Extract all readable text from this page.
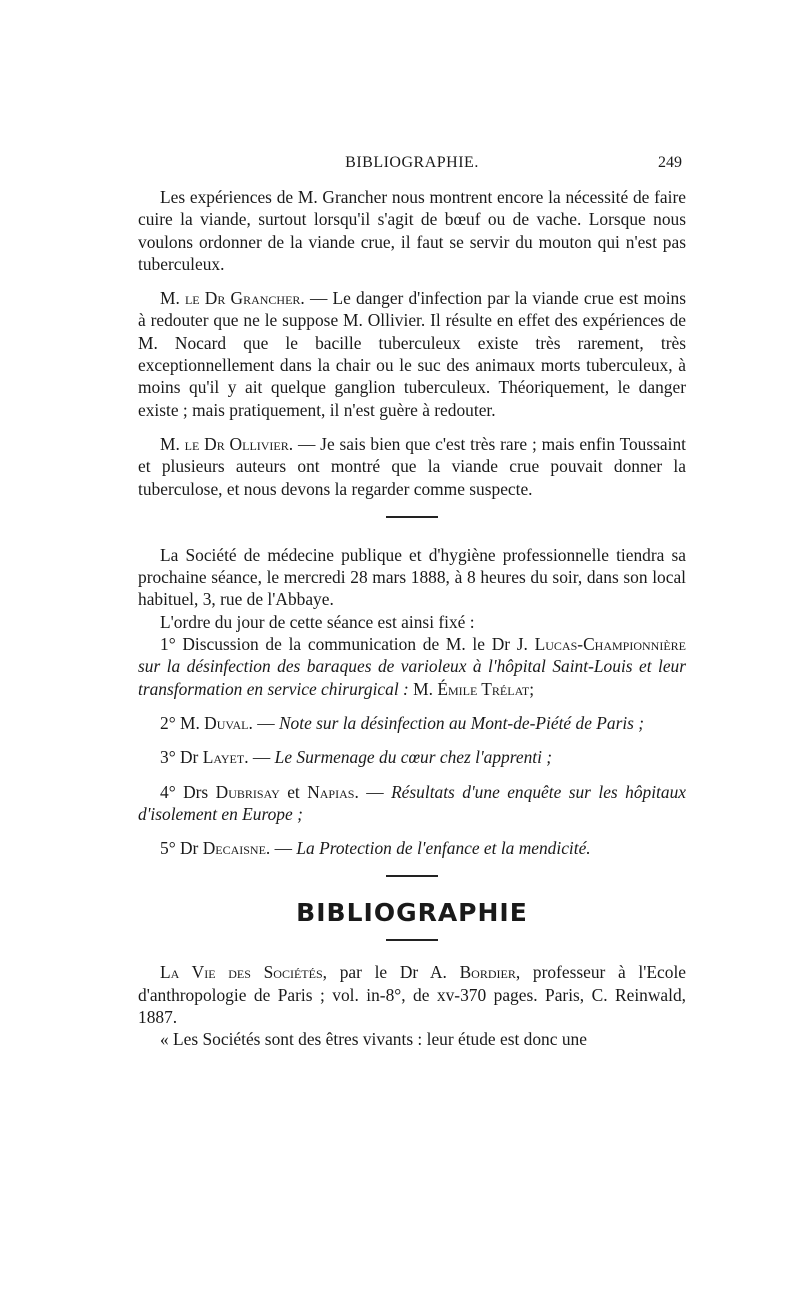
BIBLIOGRAPHIE.	249

Les expériences de M. Grancher nous montrent encore la nécessité de faire cuire la viande, surtout lorsqu'il s'agit de bœuf ou de vache. Lorsque nous voulons ordonner de la viande crue, il faut se servir du mouton qui n'est pas tuberculeux.

M. le Dr Grancher. — Le danger d'infection par la viande crue est moins à redouter que ne le suppose M. Ollivier. Il résulte en effet des expériences de M. Nocard que le bacille tuberculeux existe très rarement, très exceptionnellement dans la chair ou le suc des animaux morts tuberculeux, à moins qu'il y ait quelque ganglion tuberculeux. Théoriquement, le danger existe ; mais pratiquement, il n'est guère à redouter.

M. le Dr Ollivier. — Je sais bien que c'est très rare ; mais enfin Toussaint et plusieurs auteurs ont montré que la viande crue pouvait donner la tuberculose, et nous devons la regarder comme suspecte.

La Société de médecine publique et d'hygiène professionnelle tiendra sa prochaine séance, le mercredi 28 mars 1888, à 8 heures du soir, dans son local habituel, 3, rue de l'Abbaye.

L'ordre du jour de cette séance est ainsi fixé :

1° Discussion de la communication de M. le Dr J. Lucas-Championnière sur la désinfection des baraques de varioleux à l'hôpital Saint-Louis et leur transformation en service chirurgical : M. Émile Trélat;

2° M. Duval. — Note sur la désinfection au Mont-de-Piété de Paris ;

3° Dr Layet. — Le Surmenage du cœur chez l'apprenti ;

4° Drs Dubrisay et Napias. — Résultats d'une enquête sur les hôpitaux d'isolement en Europe ;

5° Dr Decaisne. — La Protection de l'enfance et la mendicité.

BIBLIOGRAPHIE

La Vie des Sociétés, par le Dr A. Bordier, professeur à l'Ecole d'anthropologie de Paris ; vol. in-8°, de xv-370 pages. Paris, C. Reinwald, 1887.

« Les Sociétés sont des êtres vivants : leur étude est donc une
